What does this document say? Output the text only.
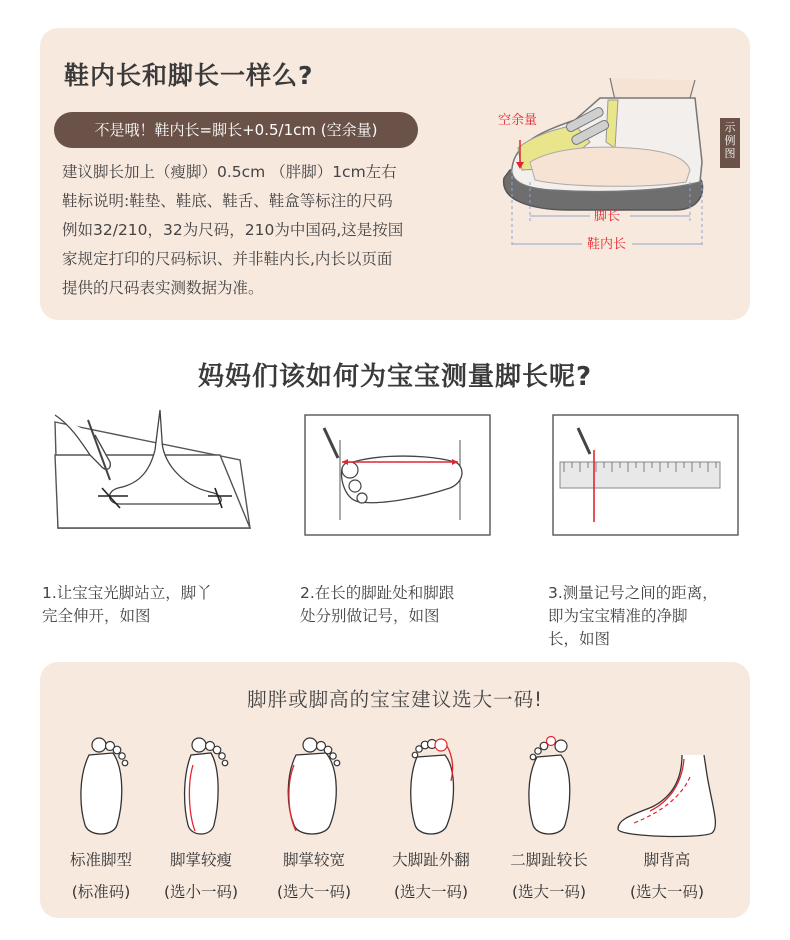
鞋内长和脚长一样么?
不是哦！鞋内长=脚长+0.5/1cm (空余量)
建议脚长加上（瘦脚）0.5cm （胖脚）1cm左右
鞋标说明:鞋垫、鞋底、鞋舌、鞋盒等标注的尺码
例如32/210，32为尺码，210为中国码,这是按国
家规定打印的尺码标识、并非鞋内长,内长以页面
提供的尺码表实测数据为准。
空余量
脚长
鞋内长
示
例
图
妈妈们该如何为宝宝测量脚长呢?
1.让宝宝光脚站立，脚丫
完全伸开，如图
2.在长的脚趾处和脚跟
处分别做记号，如图
3.测量记号之间的距离，
即为宝宝精准的净脚
长，如图
脚胖或脚高的宝宝建议选大一码!
标准脚型
(标准码)
脚掌较瘦
(选小一码)
脚掌较宽
(选大一码)
大脚趾外翻
(选大一码)
二脚趾较长
(选大一码)
脚背高
(选大一码)
